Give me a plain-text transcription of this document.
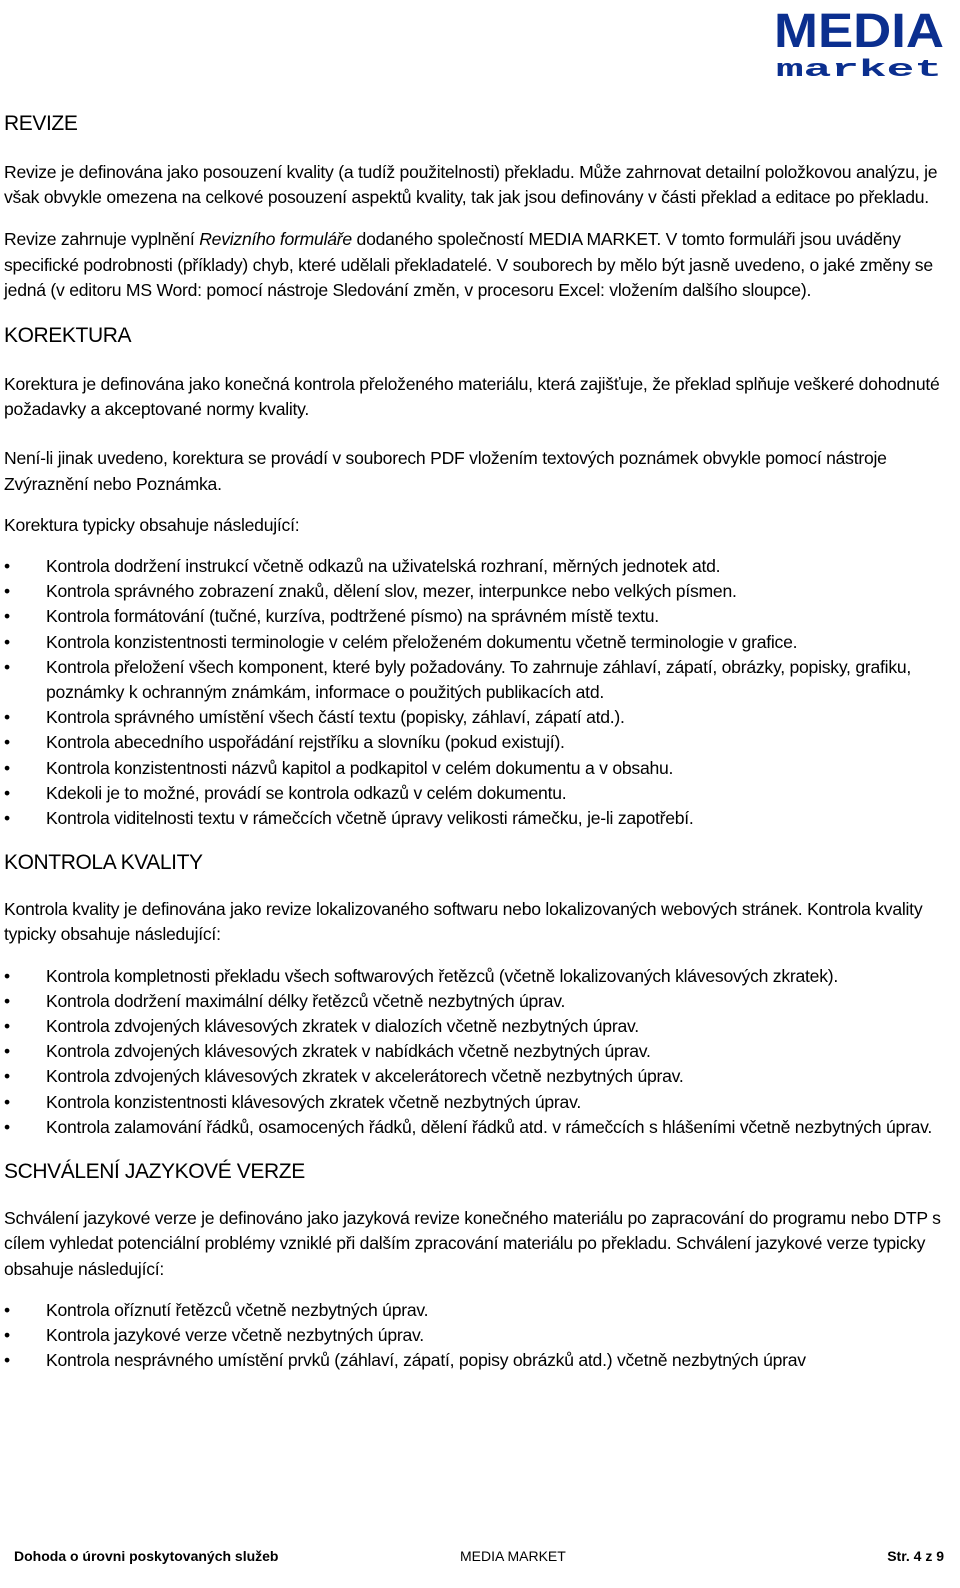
MEDIA
market
REVIZE

Revize je definována jako posouzení kvality (a tudíž použitelnosti) překladu. Může zahrnovat detailní položkovou analýzu, je však obvykle omezena na celkové posouzení aspektů kvality, tak jak jsou definovány v části překlad a editace po překladu.

Revize zahrnuje vyplnění Revizního formuláře dodaného společností MEDIA MARKET. V tomto formuláři jsou uváděny specifické podrobnosti (příklady) chyb, které udělali překladatelé. V souborech by mělo být jasně uvedeno, o jaké změny se jedná (v editoru MS Word: pomocí nástroje Sledování změn, v procesoru Excel: vložením dalšího sloupce).

KOREKTURA

Korektura je definována jako konečná kontrola přeloženého materiálu, která zajišťuje, že překlad splňuje veškeré dohodnuté požadavky a akceptované normy kvality.

Není-li jinak uvedeno, korektura se provádí v souborech PDF vložením textových poznámek obvykle pomocí nástroje Zvýraznění nebo Poznámka.

Korektura typicky obsahuje následující:

• Kontrola dodržení instrukcí včetně odkazů na uživatelská rozhraní, měrných jednotek atd.
• Kontrola správného zobrazení znaků, dělení slov, mezer, interpunkce nebo velkých písmen.
• Kontrola formátování (tučné, kurzíva, podtržené písmo) na správném místě textu.
• Kontrola konzistentnosti terminologie v celém přeloženém dokumentu včetně terminologie v grafice.
• Kontrola přeložení všech komponent, které byly požadovány. To zahrnuje záhlaví, zápatí, obrázky, popisky, grafiku, poznámky k ochranným známkám, informace o použitých publikacích atd.
• Kontrola správného umístění všech částí textu (popisky, záhlaví, zápatí atd.).
• Kontrola abecedního uspořádání rejstříku a slovníku (pokud existují).
• Kontrola konzistentnosti názvů kapitol a podkapitol v celém dokumentu a v obsahu.
• Kdekoli je to možné, provádí se kontrola odkazů v celém dokumentu.
• Kontrola viditelnosti textu v rámečcích včetně úpravy velikosti rámečku, je-li zapotřebí.
KONTROLA KVALITY

Kontrola kvality je definována jako revize lokalizovaného softwaru nebo lokalizovaných webových stránek. Kontrola kvality typicky obsahuje následující:

• Kontrola kompletnosti překladu všech softwarových řetězců (včetně lokalizovaných klávesových zkratek).
• Kontrola dodržení maximální délky řetězců včetně nezbytných úprav.
• Kontrola zdvojených klávesových zkratek v dialozích včetně nezbytných úprav.
• Kontrola zdvojených klávesových zkratek v nabídkách včetně nezbytných úprav.
• Kontrola zdvojených klávesových zkratek v akcelerátorech včetně nezbytných úprav.
• Kontrola konzistentnosti klávesových zkratek včetně nezbytných úprav.
• Kontrola zalamování řádků, osamocených řádků, dělení řádků atd. v rámečcích s hlášeními včetně nezbytných úprav.
SCHVÁLENÍ JAZYKOVÉ VERZE

Schválení jazykové verze je definováno jako jazyková revize konečného materiálu po zapracování do programu nebo DTP s cílem vyhledat potenciální problémy vzniklé při dalším zpracování materiálu po překladu. Schválení jazykové verze typicky obsahuje následující:

• Kontrola oříznutí řetězců včetně nezbytných úprav.
• Kontrola jazykové verze včetně nezbytných úprav.
• Kontrola nesprávného umístění prvků (záhlaví, zápatí, popisy obrázků atd.) včetně nezbytných úprav
Dohoda o úrovni poskytovaných služeb	MEDIA MARKET	Str. 4 z 9
